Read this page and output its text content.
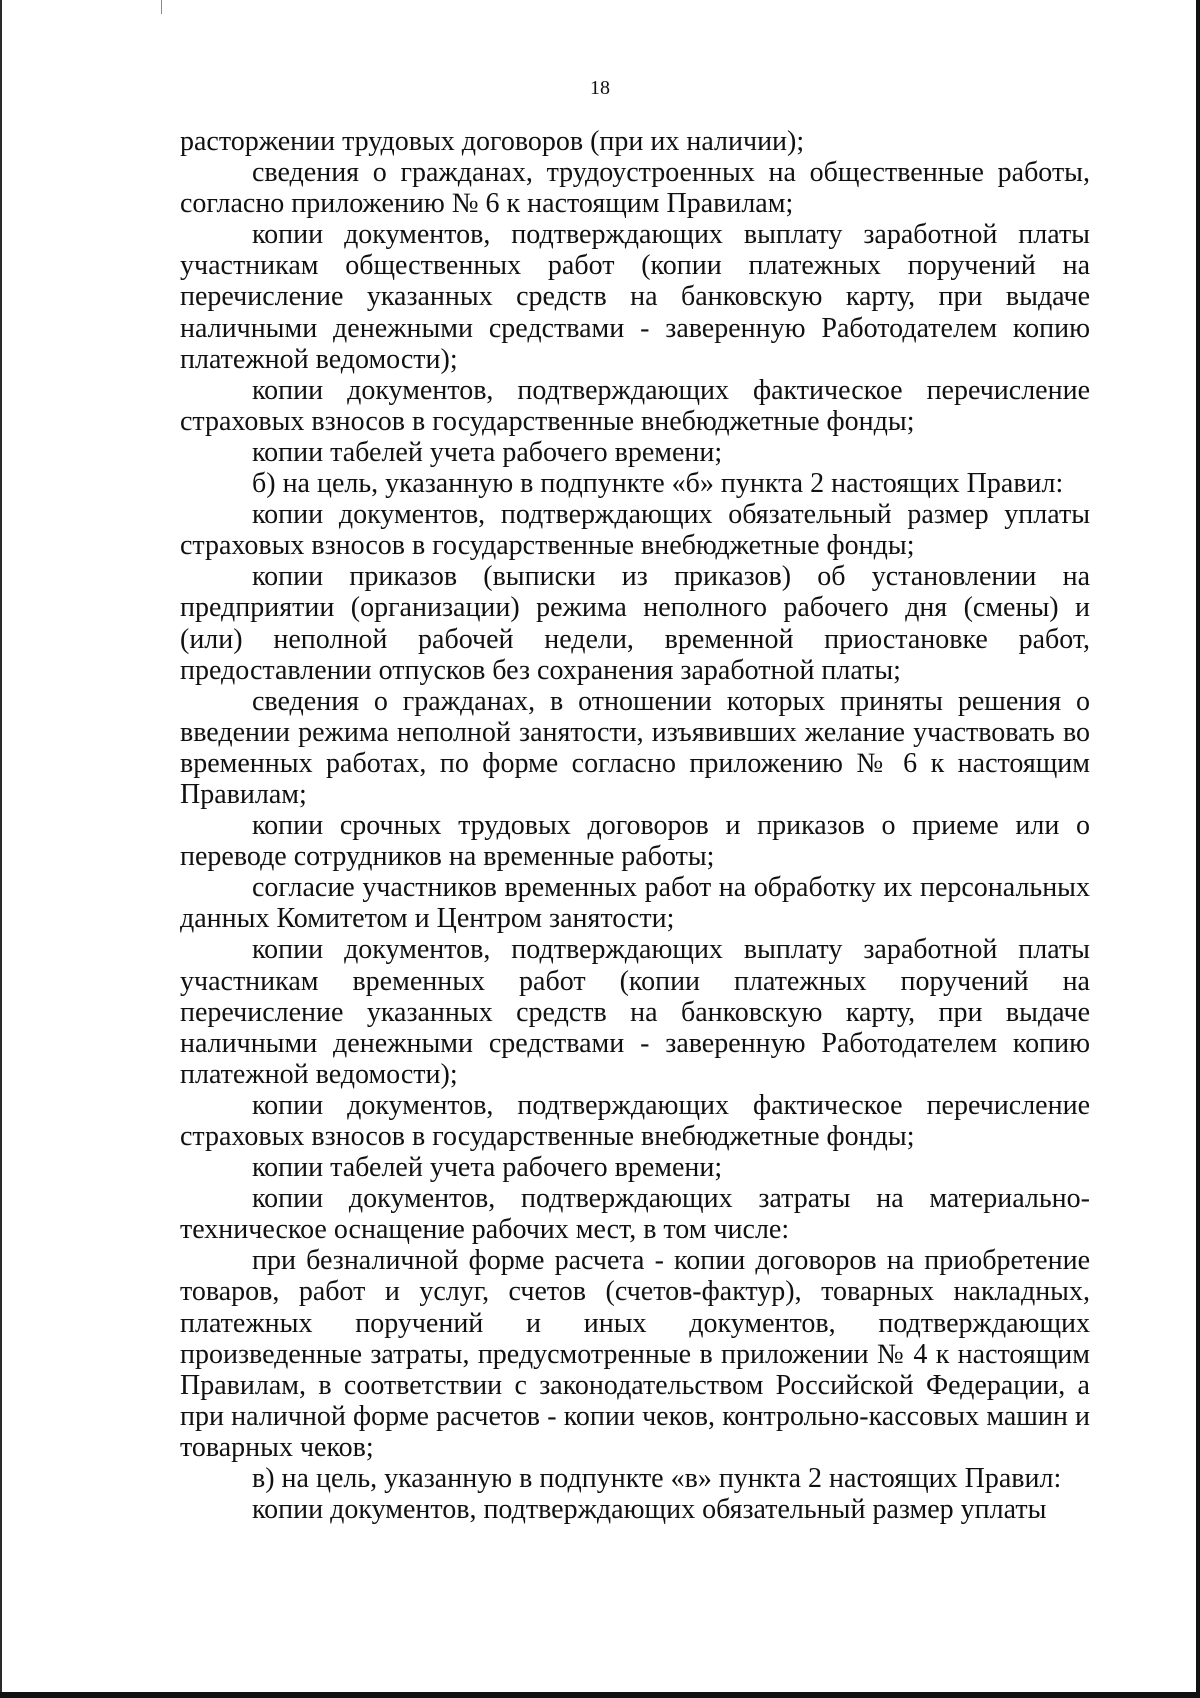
18

расторжении трудовых договоров (при их наличии);

сведения о гражданах, трудоустроенных на общественные работы, согласно приложению № 6 к настоящим Правилам;

копии документов, подтверждающих выплату заработной платы участникам общественных работ (копии платежных поручений на перечисление указанных средств на банковскую карту, при выдаче наличными денежными средствами - заверенную Работодателем копию платежной ведомости);

копии документов, подтверждающих фактическое перечисление страховых взносов в государственные внебюджетные фонды;

копии табелей учета рабочего времени;

б) на цель, указанную в подпункте «б» пункта 2 настоящих Правил:

копии документов, подтверждающих обязательный размер уплаты страховых взносов в государственные внебюджетные фонды;

копии приказов (выписки из приказов) об установлении на предприятии (организации) режима неполного рабочего дня (смены) и (или) неполной рабочей недели, временной приостановке работ, предоставлении отпусков без сохранения заработной платы;

сведения о гражданах, в отношении которых приняты решения о введении режима неполной занятости, изъявивших желание участвовать во временных работах, по форме согласно приложению № 6 к настоящим Правилам;

копии срочных трудовых договоров и приказов о приеме или о переводе сотрудников на временные работы;

согласие участников временных работ на обработку их персональных данных Комитетом и Центром занятости;

копии документов, подтверждающих выплату заработной платы участникам временных работ (копии платежных поручений на перечисление указанных средств на банковскую карту, при выдаче наличными денежными средствами - заверенную Работодателем копию платежной ведомости);

копии документов, подтверждающих фактическое перечисление страховых взносов в государственные внебюджетные фонды;

копии табелей учета рабочего времени;

копии документов, подтверждающих затраты на материально-техническое оснащение рабочих мест, в том числе:

при безналичной форме расчета - копии договоров на приобретение товаров, работ и услуг, счетов (счетов-фактур), товарных накладных, платежных поручений и иных документов, подтверждающих произведенные затраты, предусмотренные в приложении № 4 к настоящим Правилам, в соответствии с законодательством Российской Федерации, а при наличной форме расчетов - копии чеков, контрольно-кассовых машин и товарных чеков;

в) на цель, указанную в подпункте «в» пункта 2 настоящих Правил:

копии документов, подтверждающих обязательный размер уплаты
